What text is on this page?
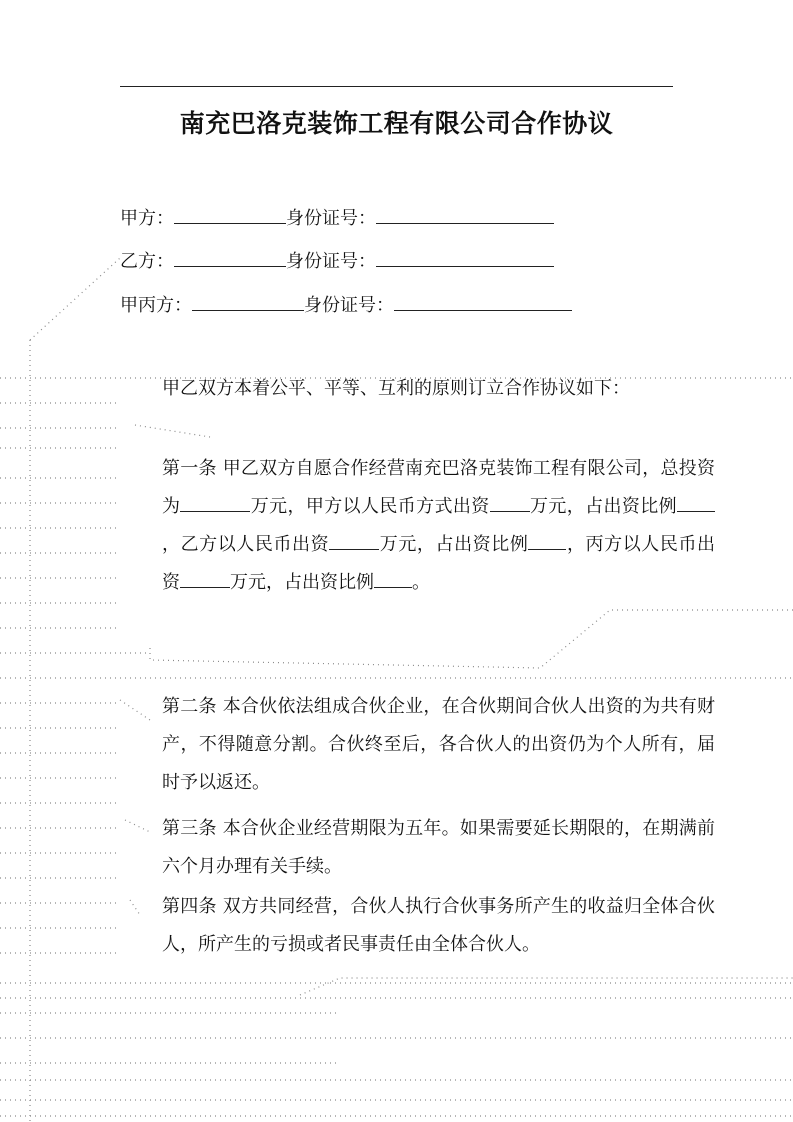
南充巴洛克装饰工程有限公司合作协议
甲方：	身份证号：
乙方：	身份证号：
甲丙方：	身份证号：
甲乙双方本着公平、平等、互利的原则订立合作协议如下：
第一条 甲乙双方自愿合作经营南充巴洛克装饰工程有限公司，总投资为	万元，甲方以人民币方式出资 万元，占出资比例，乙方以人民币出资	万元，占出资比例 ，丙方以人民币出资	万元，占出资比例 。
第二条 本合伙依法组成合伙企业，在合伙期间合伙人出资的为共有财产，不得随意分割。合伙终至后，各合伙人的出资仍为个人所有，届时予以返还。
第三条 本合伙企业经营期限为五年。如果需要延长期限的，在期满前六个月办理有关手续。
第四条 双方共同经营，合伙人执行合伙事务所产生的收益归全体合伙人，所产生的亏损或者民事责任由全体合伙人。
